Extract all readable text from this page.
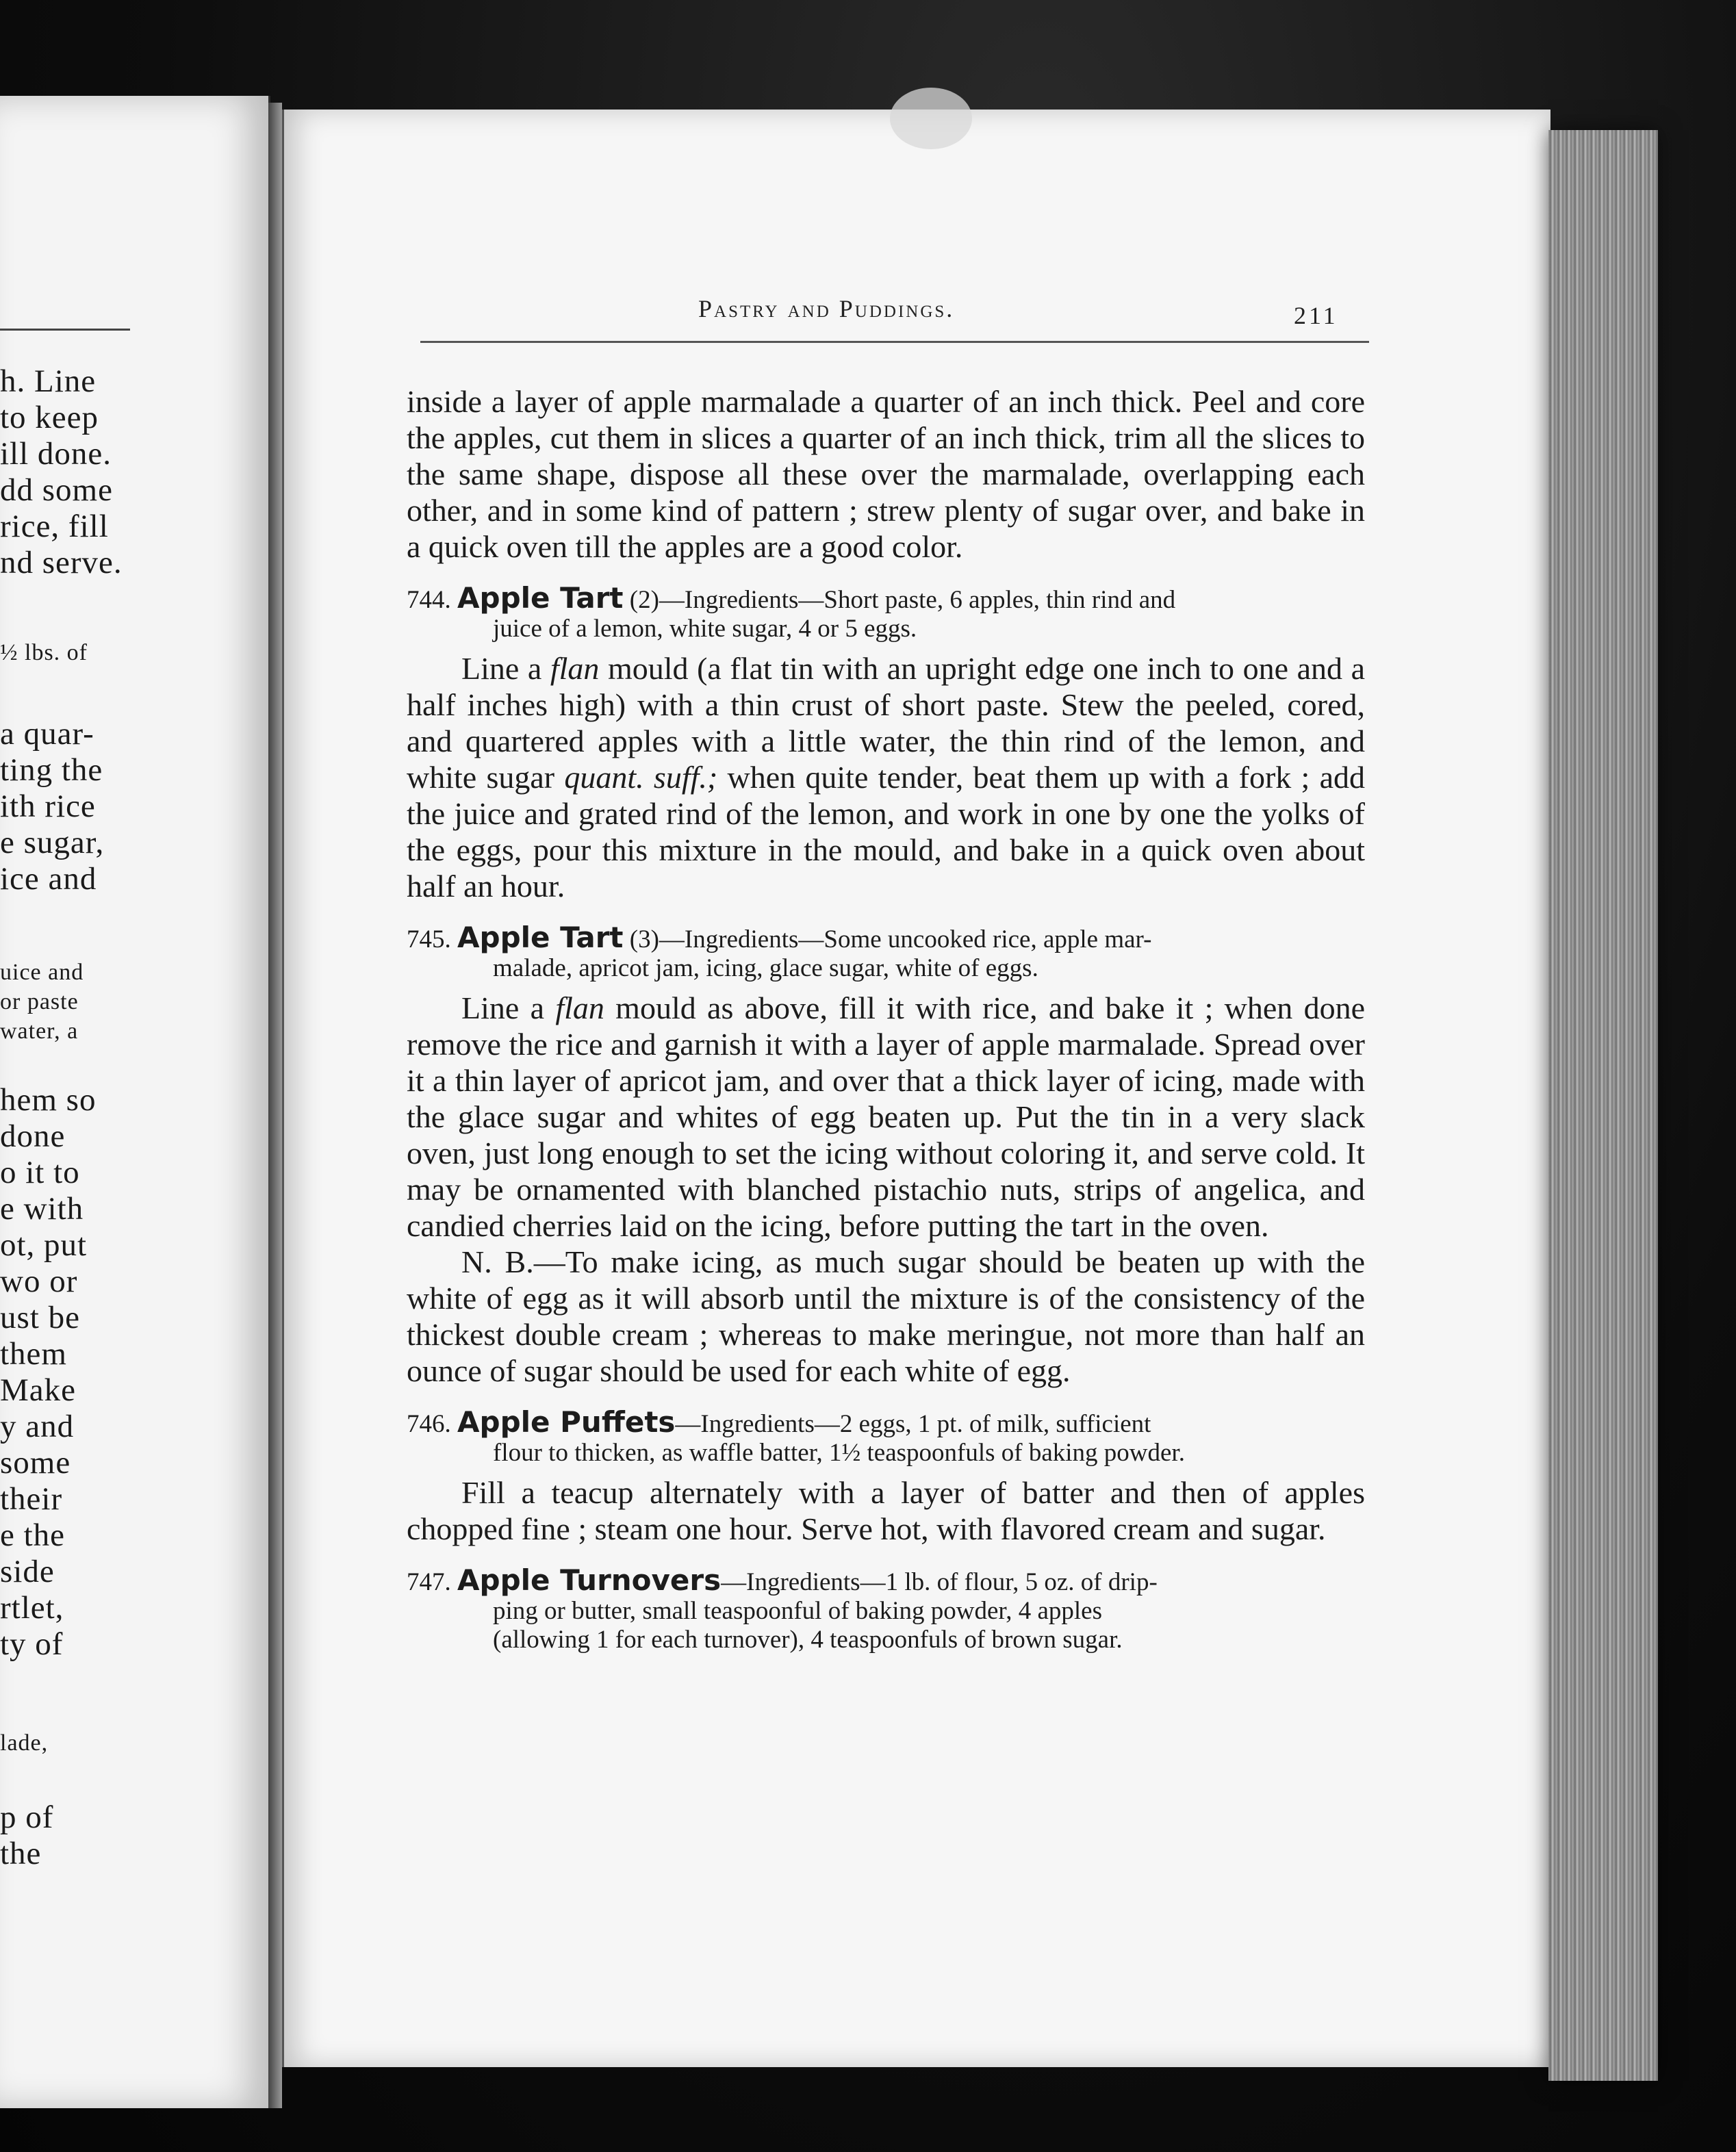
h. Line
to keep
ill done.
dd some
rice, fill
nd serve.
½ lbs. of
a quar-
ting the
ith rice
e sugar,
ice and
uice and
or paste
water, a
hem so
done
o it to
e with
ot, put
wo or
ust be
them
Make
y and
some
their
e the
side
rtlet,
ty of
lade,
p of
the
Pastry and Puddings.	211

inside a layer of apple marmalade a quarter of an inch thick. Peel and core the apples, cut them in slices a quarter of an inch thick, trim all the slices to the same shape, dispose all these over the marmalade, overlapping each other, and in some kind of pattern ; strew plenty of sugar over, and bake in a quick oven till the apples are a good color.

744. Apple Tart (2)—Ingredients—Short paste, 6 apples, thin rind and
juice of a lemon, white sugar, 4 or 5 eggs.

Line a flan mould (a flat tin with an upright edge one inch to one and a half inches high) with a thin crust of short paste. Stew the peeled, cored, and quartered apples with a little water, the thin rind of the lemon, and white sugar quant. suff.; when quite tender, beat them up with a fork ; add the juice and grated rind of the lemon, and work in one by one the yolks of the eggs, pour this mixture in the mould, and bake in a quick oven about half an hour.

745. Apple Tart (3)—Ingredients—Some uncooked rice, apple mar-
malade, apricot jam, icing, glace sugar, white of eggs.

Line a flan mould as above, fill it with rice, and bake it ; when done remove the rice and garnish it with a layer of apple marmalade. Spread over it a thin layer of apricot jam, and over that a thick layer of icing, made with the glace sugar and whites of egg beaten up. Put the tin in a very slack oven, just long enough to set the icing without coloring it, and serve cold. It may be ornamented with blanched pistachio nuts, strips of angelica, and candied cherries laid on the icing, before putting the tart in the oven.

N. B.—To make icing, as much sugar should be beaten up with the white of egg as it will absorb until the mixture is of the consistency of the thickest double cream ; whereas to make meringue, not more than half an ounce of sugar should be used for each white of egg.

746. Apple Puffets—Ingredients—2 eggs, 1 pt. of milk, sufficient
flour to thicken, as waffle batter, 1½ teaspoonfuls of baking powder.

Fill a teacup alternately with a layer of batter and then of apples chopped fine ; steam one hour. Serve hot, with flavored cream and sugar.

747. Apple Turnovers—Ingredients—1 lb. of flour, 5 oz. of drip-
ping or butter, small teaspoonful of baking powder, 4 apples
(allowing 1 for each turnover), 4 teaspoonfuls of brown sugar.
